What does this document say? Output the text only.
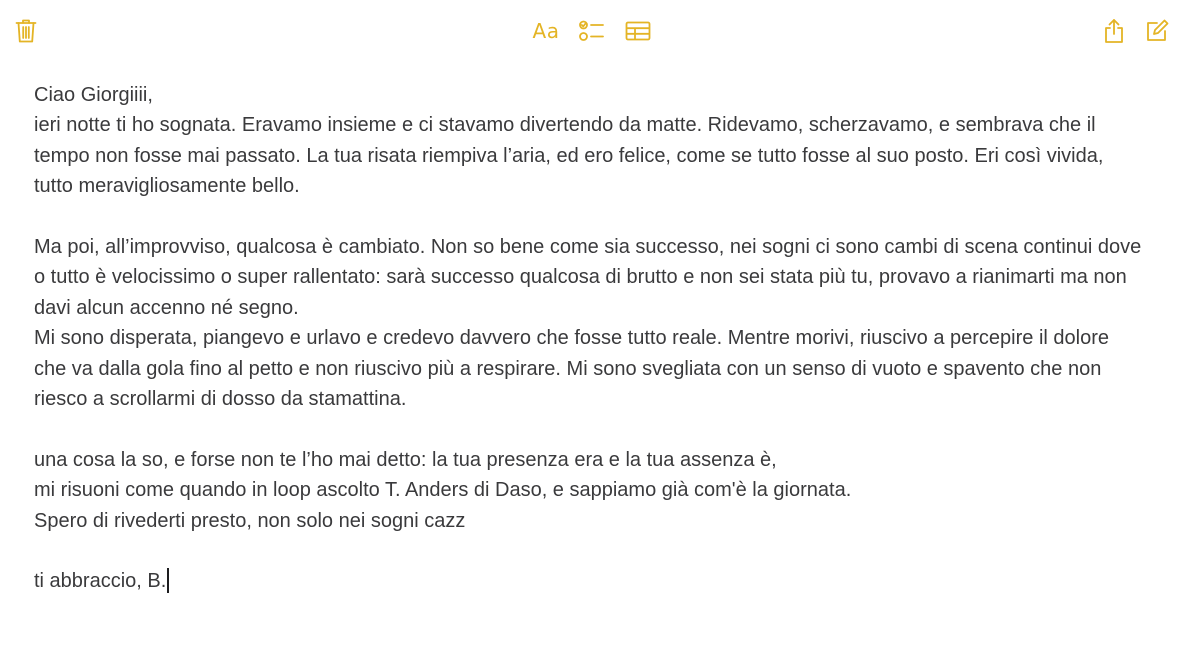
Aa

Ciao Giorgiiii,

ieri notte ti ho sognata. Eravamo insieme e ci stavamo divertendo da matte. Ridevamo, scherzavamo, e sembrava che il tempo non fosse mai passato. La tua risata riempiva l’aria, ed ero felice, come se tutto fosse al suo posto. Eri così vivida, tutto meravigliosamente bello.

Ma poi, all’improvviso, qualcosa è cambiato. Non so bene come sia successo, nei sogni ci sono cambi di scena continui dove o tutto è velocissimo o super rallentato: sarà successo qualcosa di brutto e non sei stata più tu, provavo a rianimarti ma non davi alcun accenno né segno.

Mi sono disperata, piangevo e urlavo e credevo davvero che fosse tutto reale. Mentre morivi, riuscivo a percepire il dolore che va dalla gola fino al petto e non riuscivo più a respirare. Mi sono svegliata con un senso di vuoto e spavento che non riesco a scrollarmi di dosso da stamattina.

una cosa la so, e forse non te l’ho mai detto: la tua presenza era e la tua assenza è,

mi risuoni come quando in loop ascolto T. Anders di Daso, e sappiamo già com'è la giornata.

Spero di rivederti presto, non solo nei sogni cazz

ti abbraccio, B.
